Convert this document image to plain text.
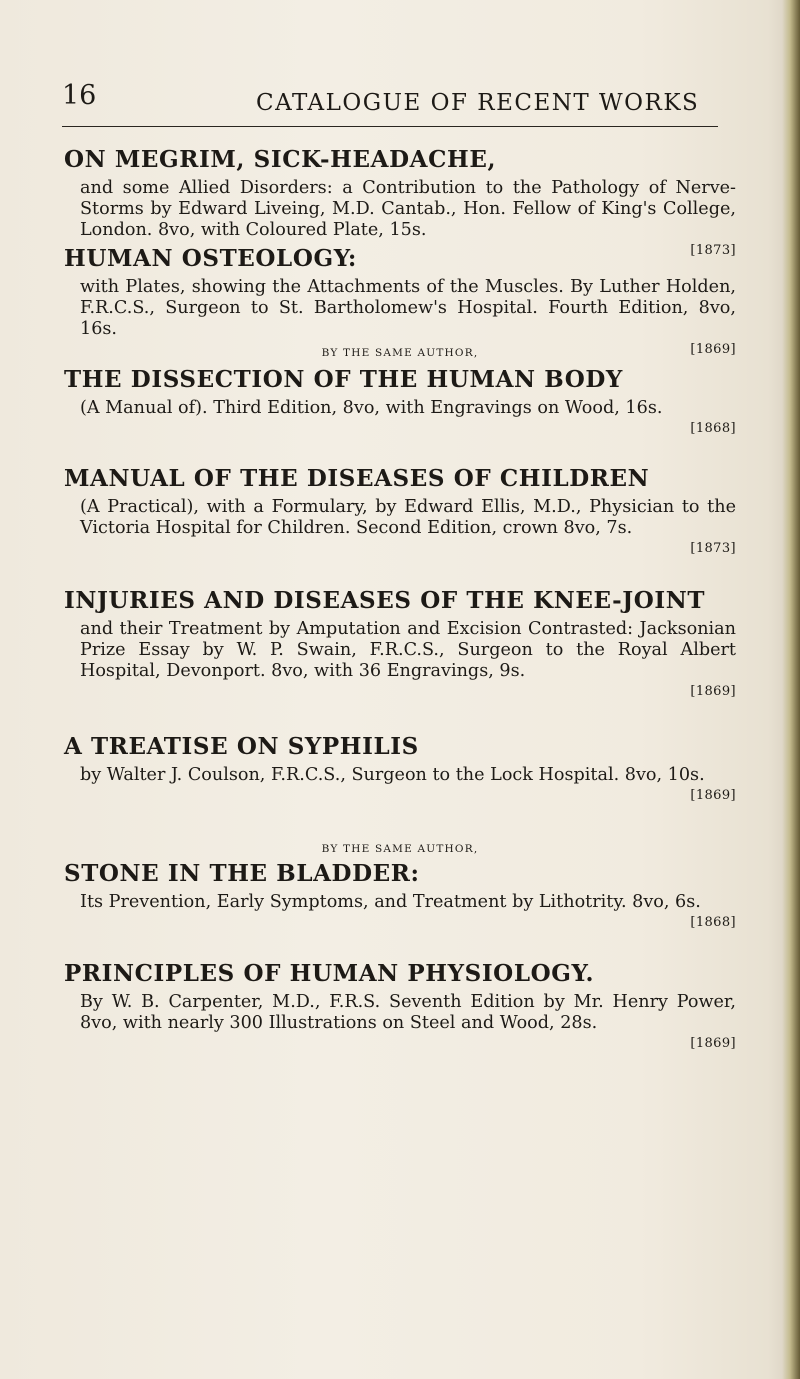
16	CATALOGUE OF RECENT WORKS
ON MEGRIM, SICK-HEADACHE,
and some Allied Disorders: a Contribution to the Pathology of Nerve-Storms by Edward Liveing, M.D. Cantab., Hon. Fellow of King's College, London. 8vo, with Coloured Plate, 15s.
[1873]
HUMAN OSTEOLOGY:
with Plates, showing the Attachments of the Muscles. By Luther Holden, F.R.C.S., Surgeon to St. Bartholomew's Hospital. Fourth Edition, 8vo, 16s.
[1869]
BY THE SAME AUTHOR,
THE DISSECTION OF THE HUMAN BODY
(A Manual of). Third Edition, 8vo, with Engravings on Wood, 16s.
[1868]
MANUAL OF THE DISEASES OF CHILDREN
(A Practical), with a Formulary, by Edward Ellis, M.D., Physician to the Victoria Hospital for Children. Second Edition, crown 8vo, 7s.
[1873]
INJURIES AND DISEASES OF THE KNEE-JOINT
and their Treatment by Amputation and Excision Contrasted: Jacksonian Prize Essay by W. P. Swain, F.R.C.S., Surgeon to the Royal Albert Hospital, Devonport. 8vo, with 36 Engravings, 9s.
[1869]
A TREATISE ON SYPHILIS
by Walter J. Coulson, F.R.C.S., Surgeon to the Lock Hospital. 8vo, 10s.
[1869]
BY THE SAME AUTHOR,
STONE IN THE BLADDER:
Its Prevention, Early Symptoms, and Treatment by Lithotrity. 8vo, 6s.
[1868]
PRINCIPLES OF HUMAN PHYSIOLOGY.
By W. B. Carpenter, M.D., F.R.S. Seventh Edition by Mr. Henry Power, 8vo, with nearly 300 Illustrations on Steel and Wood, 28s.
[1869]
